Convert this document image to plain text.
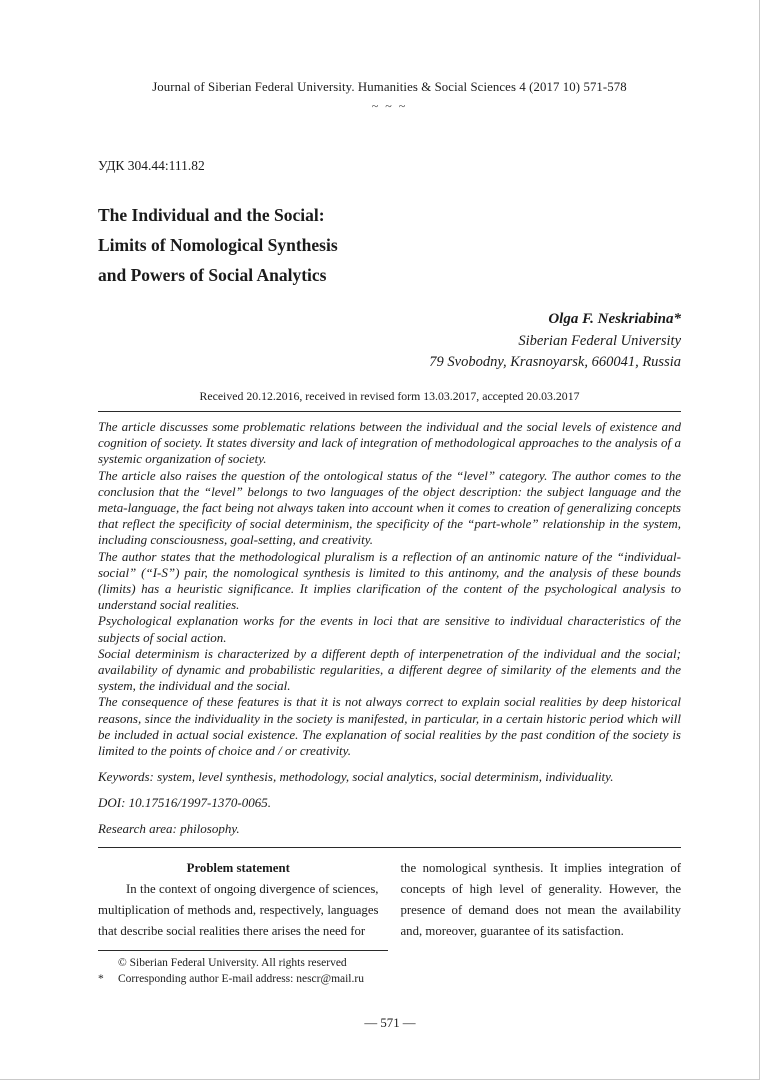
Journal of Siberian Federal University. Humanities & Social Sciences 4 (2017 10) 571-578
~ ~ ~
УДК 304.44:111.82
The Individual and the Social:
Limits of Nomological Synthesis
and Powers of Social Analytics
Olga F. Neskriabina*
Siberian Federal University
79 Svobodny, Krasnoyarsk, 660041, Russia
Received 20.12.2016, received in revised form 13.03.2017, accepted 20.03.2017

The article discusses some problematic relations between the individual and the social levels of existence and cognition of society. It states diversity and lack of integration of methodological approaches to the analysis of a systemic organization of society.

The article also raises the question of the ontological status of the “level” category. The author comes to the conclusion that the “level” belongs to two languages of the object description: the subject language and the meta-language, the fact being not always taken into account when it comes to creation of generalizing concepts that reflect the specificity of social determinism, the specificity of the “part-whole” relationship in the system, including consciousness, goal-setting, and creativity.

The author states that the methodological pluralism is a reflection of an antinomic nature of the “individual-social” (“I-S”) pair, the nomological synthesis is limited to this antinomy, and the analysis of these bounds (limits) has a heuristic significance. It implies clarification of the content of the psychological analysis to understand social realities.

Psychological explanation works for the events in loci that are sensitive to individual characteristics of the subjects of social action.

Social determinism is characterized by a different depth of interpenetration of the individual and the social; availability of dynamic and probabilistic regularities, a different degree of similarity of the elements and the system, the individual and the social.

The consequence of these features is that it is not always correct to explain social realities by deep historical reasons, since the individuality in the society is manifested, in particular, in a certain historic period which will be included in actual social existence. The explanation of social realities by the past condition of the society is limited to the points of choice and / or creativity.

Keywords: system, level synthesis, methodology, social analytics, social determinism, individuality.
DOI: 10.17516/1997-1370-0065.
Research area: philosophy.
Problem statement
In the context of ongoing divergence of sciences, multiplication of methods and, respectively, languages that describe social realities there arises the need for
the nomological synthesis. It implies integration of concepts of high level of generality. However, the presence of demand does not mean the availability and, moreover, guarantee of its satisfaction.
© Siberian Federal University. All rights reserved
*	Corresponding author E-mail address: nescr@mail.ru
— 571 —
